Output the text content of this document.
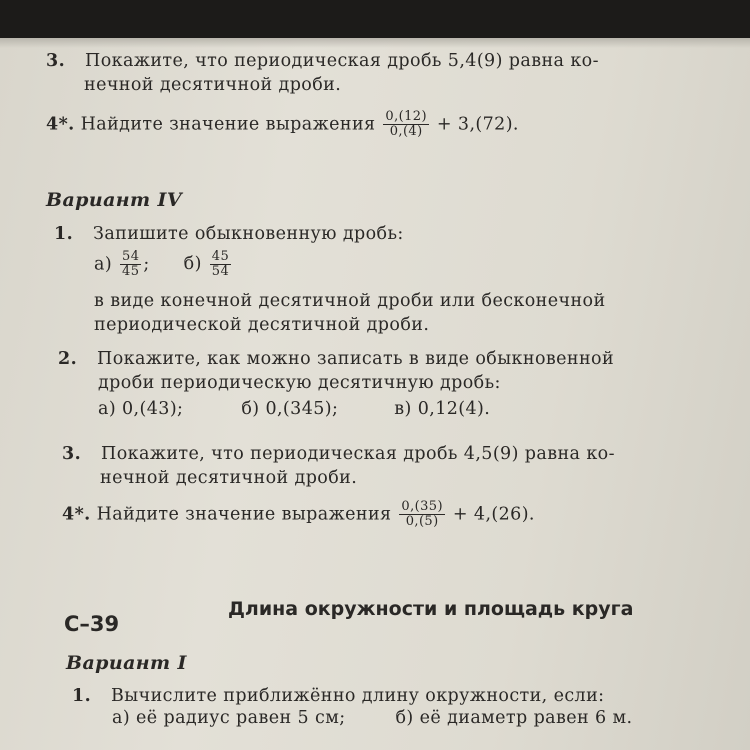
3. Покажите, что периодическая дробь 5,4(9) равна ко-
нечной десятичной дроби.
4*. Найдите значение выражения $\frac{0,(12)}{0,(4)} + 3,(72)$.
Вариант IV
1. Запишите обыкновенную дробь:
$а) \frac{54}{45}$ ; $б) \frac{45}{54}$
в виде конечной десятичной дроби или бесконечной
периодической десятичной дроби.
2. Покажите, как можно записать в виде обыкновенной
дроби периодическую десятичную дробь:
а) 0,(43);	б) 0,(345);	в) 0,12(4).
3. Покажите, что периодическая дробь 4,5(9) равна ко-
нечной десятичной дроби.
4*. Найдите значение выражения $\frac{0,(35)}{0,(5)} + 4,(26)$.
С–39
Длина окружности и площадь круга
Вариант I
1. Вычислите приближённо длину окружности, если:
а) её радиус равен 5 см;	б) её диаметр равен 6 м.
